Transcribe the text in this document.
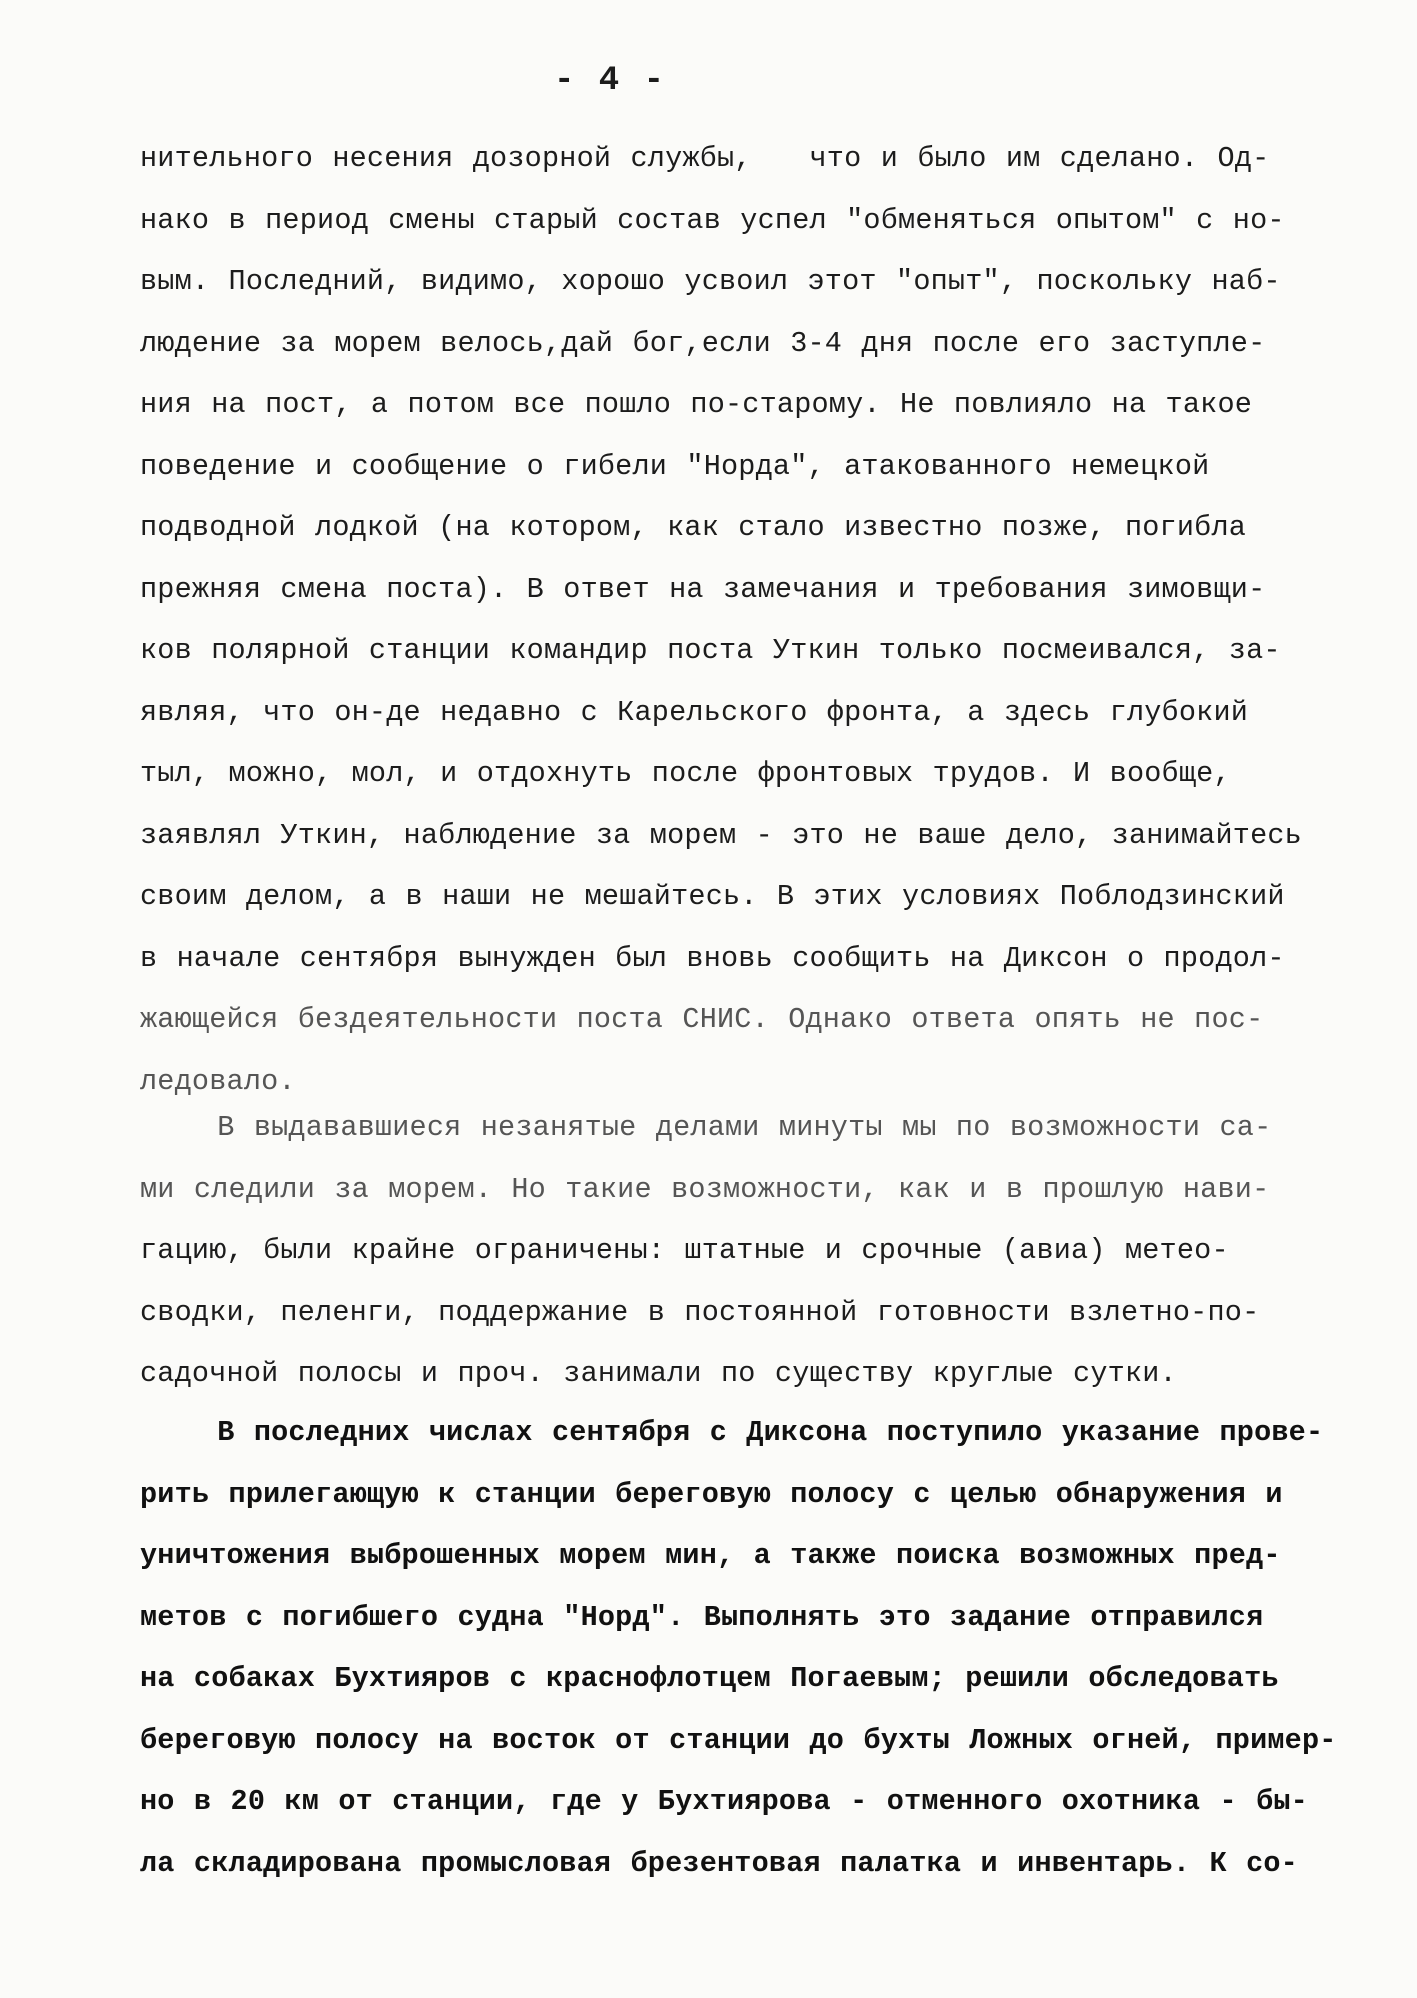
- 4 -
нительного несения дозорной службы,   что и было им сделано. Од-
нако в период смены старый состав успел "обменяться опытом" с но-
вым. Последний, видимо, хорошо усвоил этот "опыт", поскольку наб-
людение за морем велось,дай бог,если 3-4 дня после его заступле-
ния на пост, а потом все пошло по-старому. Не повлияло на такое
поведение и сообщение о гибели "Норда", атакованного немецкой
подводной лодкой (на котором, как стало известно позже, погибла
прежняя смена поста). В ответ на замечания и требования зимовщи-
ков полярной станции командир поста Уткин только посмеивался, за-
являя, что он-де недавно с Карельского фронта, а здесь глубокий
тыл, можно, мол, и отдохнуть после фронтовых трудов. И вообще,
заявлял Уткин, наблюдение за морем - это не ваше дело, занимайтесь
своим делом, а в наши не мешайтесь. В этих условиях Поблодзинский
в начале сентября вынужден был вновь сообщить на Диксон о продол-
жающейся бездеятельности поста СНИС. Однако ответа опять не пос-
ледовало.
В выдававшиеся незанятые делами минуты мы по возможности са-
ми следили за морем. Но такие возможности, как и в прошлую нави-
гацию, были крайне ограничены: штатные и срочные (авиа) метео-
сводки, пеленги, поддержание в постоянной готовности взлетно-по-
садочной полосы и проч. занимали по существу круглые сутки.
В последних числах сентября с Диксона поступило указание прове-
рить прилегающую к станции береговую полосу с целью обнаружения и
уничтожения выброшенных морем мин, а также поиска возможных пред-
метов с погибшего судна "Норд". Выполнять это задание отправился
на собаках Бухтияров с краснофлотцем Погаевым; решили обследовать
береговую полосу на восток от станции до бухты Ложных огней, пример-
но в 20 км от станции, где у Бухтиярова - отменного охотника - бы-
ла складирована промысловая брезентовая палатка и инвентарь. К со-
